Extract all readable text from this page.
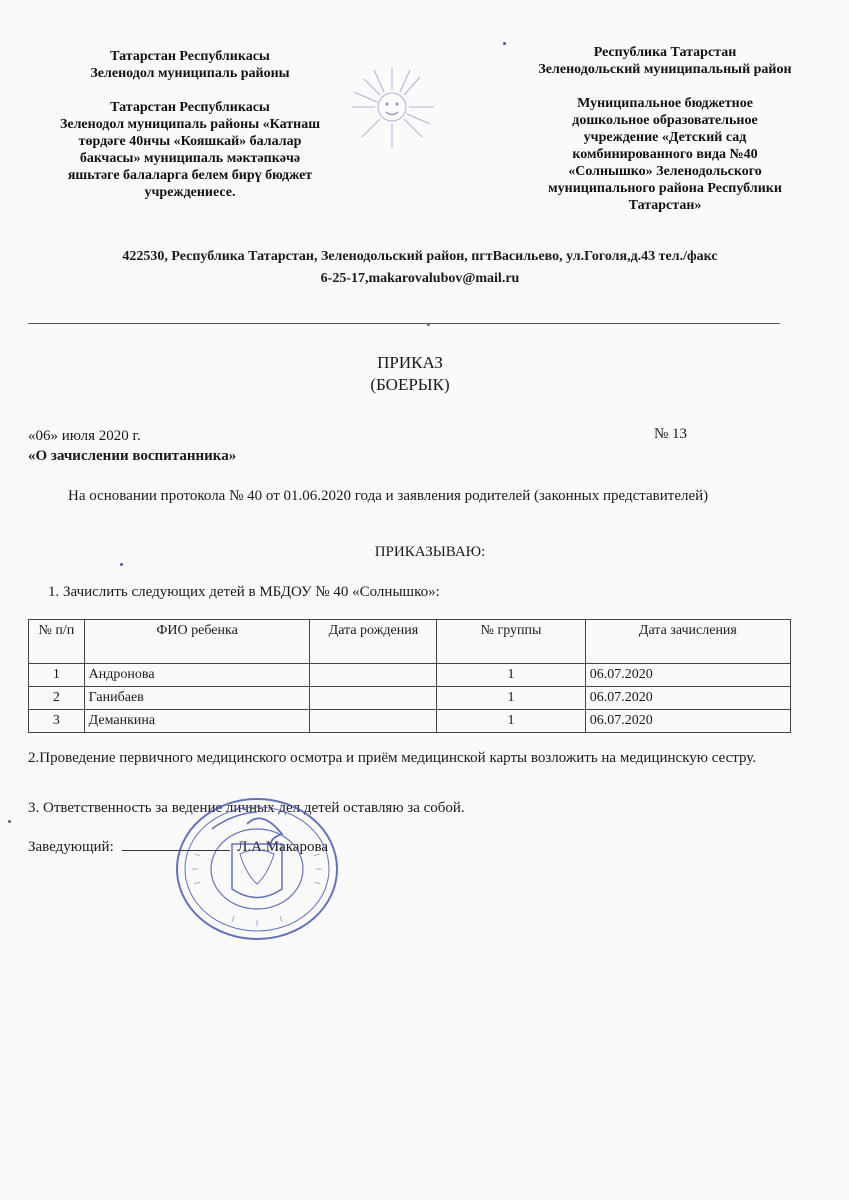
Татарстан Республикасы

Зеленодол муниципаль районы

Татарстан Республикасы

Зеленодол муниципаль районы «Катнаш

төрдәге 40нчы «Кояшкай» балалар

бакчасы» муниципаль мәктәпкәчә

яшьтәге балаларга белем бирү бюджет

учреждениесе.

Республика Татарстан

Зеленодольский муниципальный район

Муниципальное бюджетное

дошкольное образовательное

учреждение «Детский сад

комбинированного вида №40

«Солнышко» Зеленодольского

муниципального района Республики

Татарстан»

422530, Республика Татарстан, Зеленодольский район, пгтВасильево, ул.Гоголя,д.43 тел./факс
6-25-17,makarovalubov@mail.ru
ПРИКАЗ
(БОЕРЫК)
«06» июля 2020 г.	№ 13
«О зачислении воспитанника»
На основании протокола № 40 от 01.06.2020 года и заявления родителей (законных представителей)
ПРИКАЗЫВАЮ:
1. Зачислить следующих детей в МБДОУ № 40 «Солнышко»:
№ п/п	ФИО ребенка	Дата рождения	№ группы	Дата зачисления
1	Андронова		1	06.07.2020
2	Ганибаев		1	06.07.2020
3	Деманкина		1	06.07.2020
2.Проведение первичного медицинского осмотра и приём медицинской карты возложить на медицинскую сестру.
3. Ответственность за ведение личных дел детей оставляю за собой.
Заведующий:	Л.А.Макарова
